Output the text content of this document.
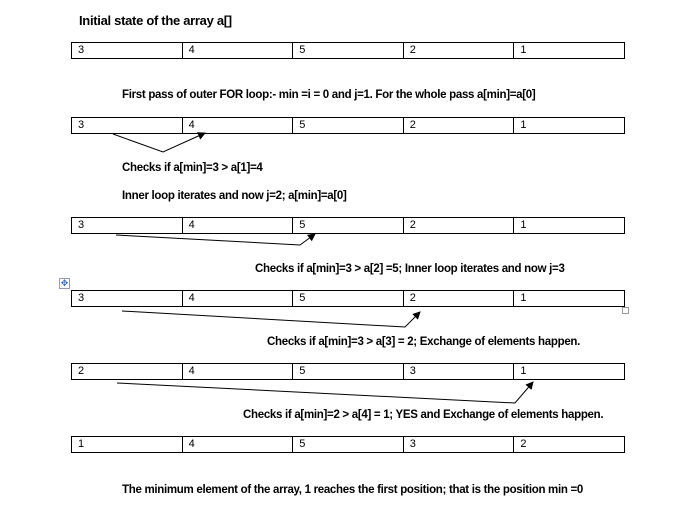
Initial state of the array a[]
3	4	5	2	1
First pass of outer FOR loop:- min =i = 0 and j=1. For the whole pass a[min]=a[0]
3	4	5	2	1
Checks if a[min]=3 > a[1]=4
Inner loop iterates and now j=2; a[min]=a[0]
3	4	5	2	1
Checks if a[min]=3 > a[2] =5; Inner loop iterates and now j=3
✥
3	4	5	2	1
Checks if a[min]=3 > a[3] = 2; Exchange of elements happen.
2	4	5	3	1
Checks if a[min]=2 > a[4] = 1; YES and Exchange of elements happen.
1	4	5	3	2
The minimum element of the array, 1 reaches the first position; that is the position min =0
